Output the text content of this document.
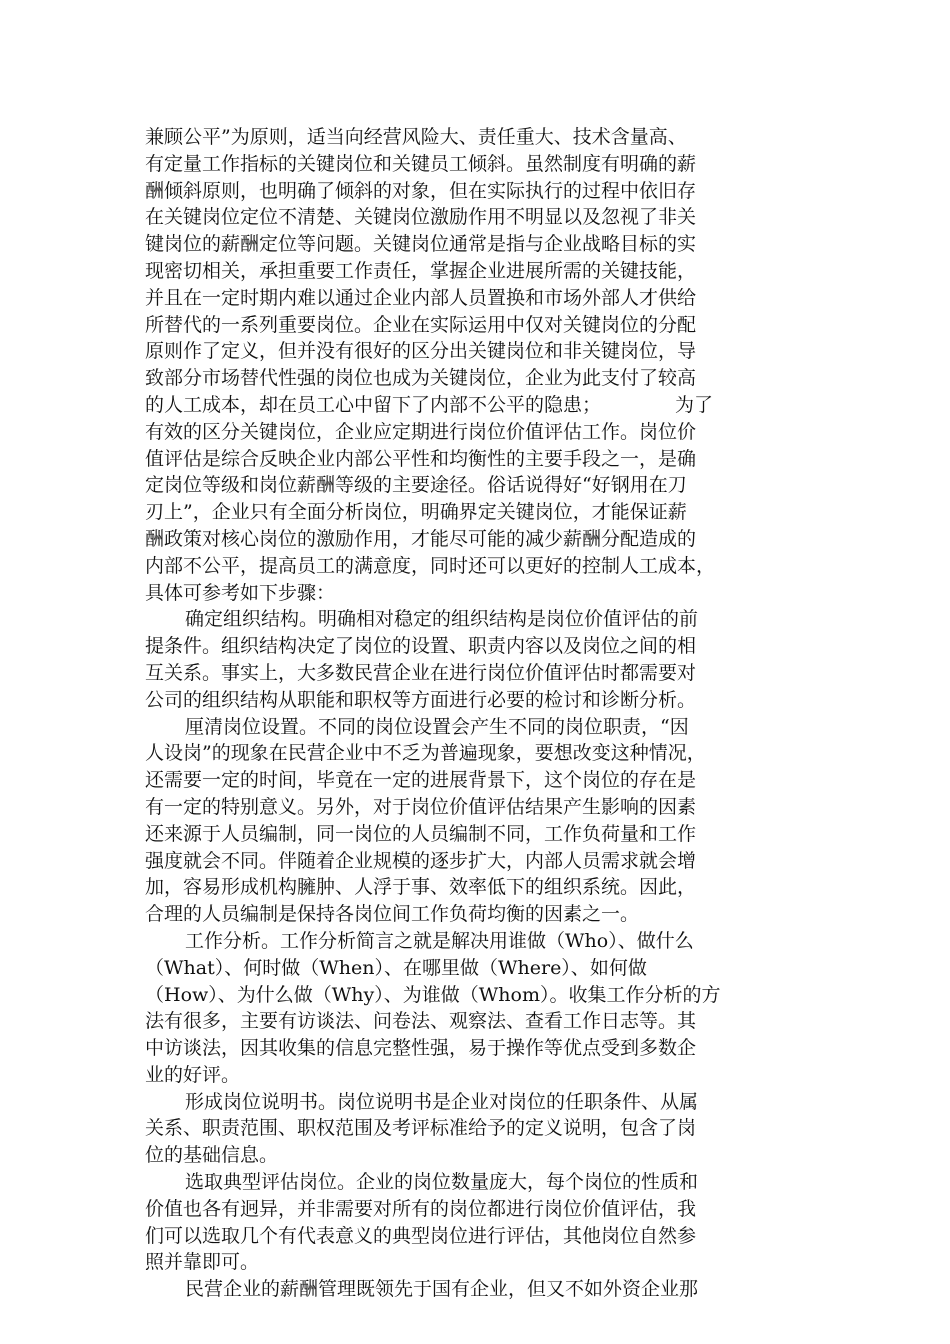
兼顾公平”为原则，适当向经营风险大、责任重大、技术含量高、
有定量工作指标的关键岗位和关键员工倾斜。虽然制度有明确的薪
酬倾斜原则，也明确了倾斜的对象，但在实际执行的过程中依旧存
在关键岗位定位不清楚、关键岗位激励作用不明显以及忽视了非关
键岗位的薪酬定位等问题。关键岗位通常是指与企业战略目标的实
现密切相关，承担重要工作责任，掌握企业进展所需的关键技能，
并且在一定时期内难以通过企业内部人员置换和市场外部人才供给
所替代的一系列重要岗位。企业在实际运用中仅对关键岗位的分配
原则作了定义，但并没有很好的区分出关键岗位和非关键岗位，导
致部分市场替代性强的岗位也成为关键岗位，企业为此支付了较高
的人工成本，却在员工心中留下了内部不公平的隐患；	为了
有效的区分关键岗位，企业应定期进行岗位价值评估工作。岗位价
值评估是综合反映企业内部公平性和均衡性的主要手段之一，是确
定岗位等级和岗位薪酬等级的主要途径。俗话说得好“好钢用在刀
刃上”，企业只有全面分析岗位，明确界定关键岗位，才能保证薪
酬政策对核心岗位的激励作用，才能尽可能的减少薪酬分配造成的
内部不公平，提高员工的满意度，同时还可以更好的控制人工成本，
具体可参考如下步骤：
确定组织结构。明确相对稳定的组织结构是岗位价值评估的前
提条件。组织结构决定了岗位的设置、职责内容以及岗位之间的相
互关系。事实上，大多数民营企业在进行岗位价值评估时都需要对
公司的组织结构从职能和职权等方面进行必要的检讨和诊断分析。
厘清岗位设置。不同的岗位设置会产生不同的岗位职责，“因
人设岗”的现象在民营企业中不乏为普遍现象，要想改变这种情况，
还需要一定的时间，毕竟在一定的进展背景下，这个岗位的存在是
有一定的特别意义。另外，对于岗位价值评估结果产生影响的因素
还来源于人员编制，同一岗位的人员编制不同，工作负荷量和工作
强度就会不同。伴随着企业规模的逐步扩大，内部人员需求就会增
加，容易形成机构臃肿、人浮于事、效率低下的组织系统。因此，
合理的人员编制是保持各岗位间工作负荷均衡的因素之一。
工作分析。工作分析简言之就是解决用谁做（Who）、做什么
（What）、何时做（When）、在哪里做（Where）、如何做
（How）、为什么做（Why）、为谁做（Whom）。收集工作分析的方
法有很多，主要有访谈法、问卷法、观察法、查看工作日志等。其
中访谈法，因其收集的信息完整性强，易于操作等优点受到多数企
业的好评。
形成岗位说明书。岗位说明书是企业对岗位的任职条件、从属
关系、职责范围、职权范围及考评标准给予的定义说明，包含了岗
位的基础信息。
选取典型评估岗位。企业的岗位数量庞大，每个岗位的性质和
价值也各有迥异，并非需要对所有的岗位都进行岗位价值评估，我
们可以选取几个有代表意义的典型岗位进行评估，其他岗位自然参
照并靠即可。
民营企业的薪酬管理既领先于国有企业，但又不如外资企业那
